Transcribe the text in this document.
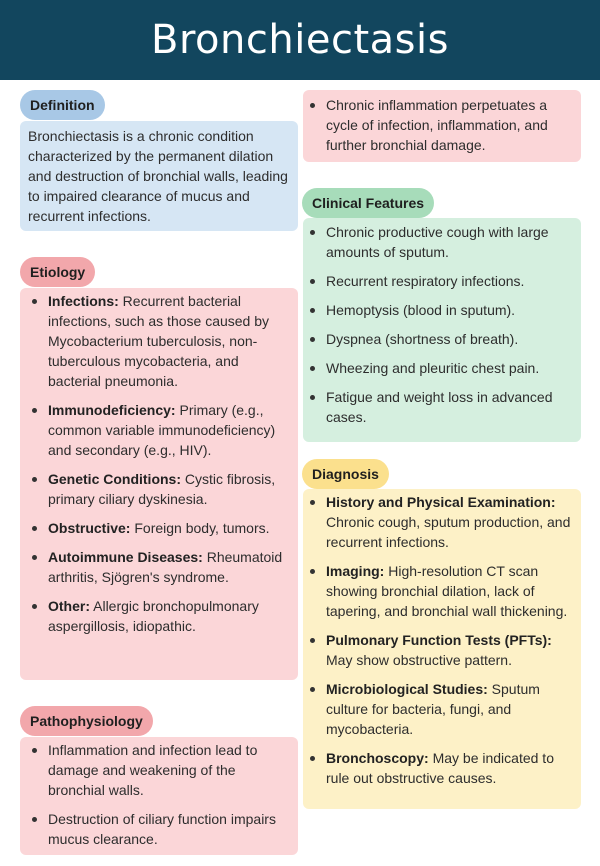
Bronchiectasis
Definition

Bronchiectasis is a chronic condition characterized by the permanent dilation and destruction of bronchial walls, leading to impaired clearance of mucus and recurrent infections.

Etiology
Infections: Recurrent bacterial infections, such as those caused by Mycobacterium tuberculosis, non-tuberculous mycobacteria, and bacterial pneumonia.
Immunodeficiency: Primary (e.g., common variable immunodeficiency) and secondary (e.g., HIV).
Genetic Conditions: Cystic fibrosis, primary ciliary dyskinesia.
Obstructive: Foreign body, tumors.
Autoimmune Diseases: Rheumatoid arthritis, Sjögren's syndrome.
Other: Allergic bronchopulmonary aspergillosis, idiopathic.
Pathophysiology
Inflammation and infection lead to damage and weakening of the bronchial walls.
Destruction of ciliary function impairs mucus clearance.
Chronic inflammation perpetuates a cycle of infection, inflammation, and further bronchial damage.
Clinical Features
Chronic productive cough with large amounts of sputum.
Recurrent respiratory infections.
Hemoptysis (blood in sputum).
Dyspnea (shortness of breath).
Wheezing and pleuritic chest pain.
Fatigue and weight loss in advanced cases.
Diagnosis
History and Physical Examination: Chronic cough, sputum production, and recurrent infections.
Imaging: High-resolution CT scan showing bronchial dilation, lack of tapering, and bronchial wall thickening.
Pulmonary Function Tests (PFTs): May show obstructive pattern.
Microbiological Studies: Sputum culture for bacteria, fungi, and mycobacteria.
Bronchoscopy: May be indicated to rule out obstructive causes.
